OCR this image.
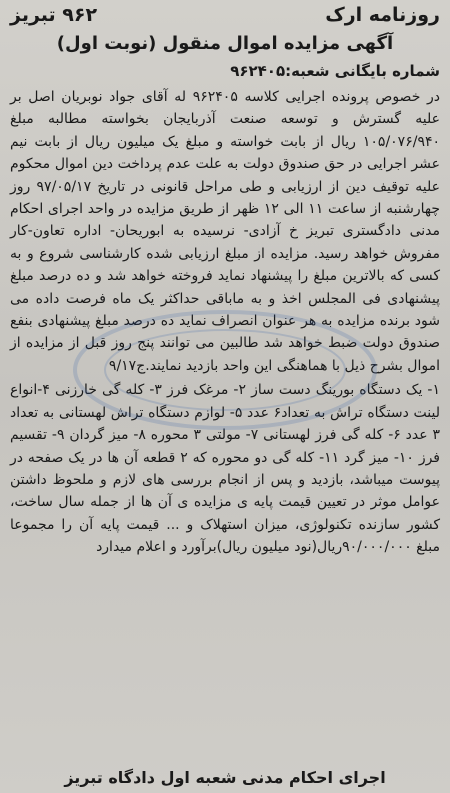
روزنامه ارک
۹۶۲ تبریز
آگهی مزایده اموال منقول (نوبت اول)
شماره بایگانی شعبه:۹۶۲۴۰۵
در خصوص پرونده اجرایی کلاسه ۹۶۲۴۰۵ له آقای جواد نوبریان اصل بر علیه گسترش و توسعه صنعت آذربایجان بخواسته مطالبه مبلغ ۱۰۵/۰۷۶/۹۴۰ ریال از بابت خواسته و مبلغ یک میلیون ریال از بابت نیم عشر اجرایی در حق صندوق دولت به علت عدم پرداخت دین اموال محکوم علیه توقیف دین از ارزیابی و طی مراحل قانونی در تاریخ ۹۷/۰۵/۱۷ روز چهارشنبه از ساعت ۱۱ الی ۱۲ ظهر از طریق مزایده در واحد اجرای احکام مدنی دادگستری تبریز خ آزادی- نرسیده به ابوریحان- اداره تعاون-کار مفروش خواهد رسید. مزایده از مبلغ ارزیابی شده کارشناسی شروع و به کسی که بالاترین مبلغ را پیشنهاد نماید فروخته خواهد شد و ده درصد مبلغ پیشنهادی فی المجلس اخذ و به ماباقی حداکثر یک ماه فرصت داده می شود برنده مزایده به هر عنوان انصراف نماید ده درصد مبلغ پیشنهادی بنفع صندوق دولت ضبط خواهد شد طالبین می توانند پنج روز قبل از مزایده از اموال بشرح ذیل با هماهنگی این واحد بازدید نمایند.ج۹/۱۷
۱- یک دستگاه بورینگ دست ساز ۲- مرغک فرز ۳- کله گی خارزنی ۴-انواع لینت دستگاه تراش به تعداد۶ عدد ۵- لوازم دستگاه تراش لهستانی به تعداد ۳ عدد ۶- کله گی فرز لهستانی ۷- مولتی ۳ محوره ۸- میز گردان ۹- تقسیم فرز ۱۰- میز گرد ۱۱- کله گی دو محوره که ۲ قطعه آن ها در یک صفحه در پیوست میباشد، بازدید و پس از انجام بررسی های لازم و ملحوظ داشتن عوامل موثر در تعیین قیمت پایه ی مزایده ی آن ها از جمله سال ساخت، کشور سازنده تکنولوژی، میزان استهلاک و ... قیمت پایه آن را مجموعا مبلغ ۹۰/۰۰۰/۰۰۰ریال(نود میلیون ریال)برآورد و اعلام میدارد
اجرای احکام مدنی شعبه اول دادگاه تبریز
